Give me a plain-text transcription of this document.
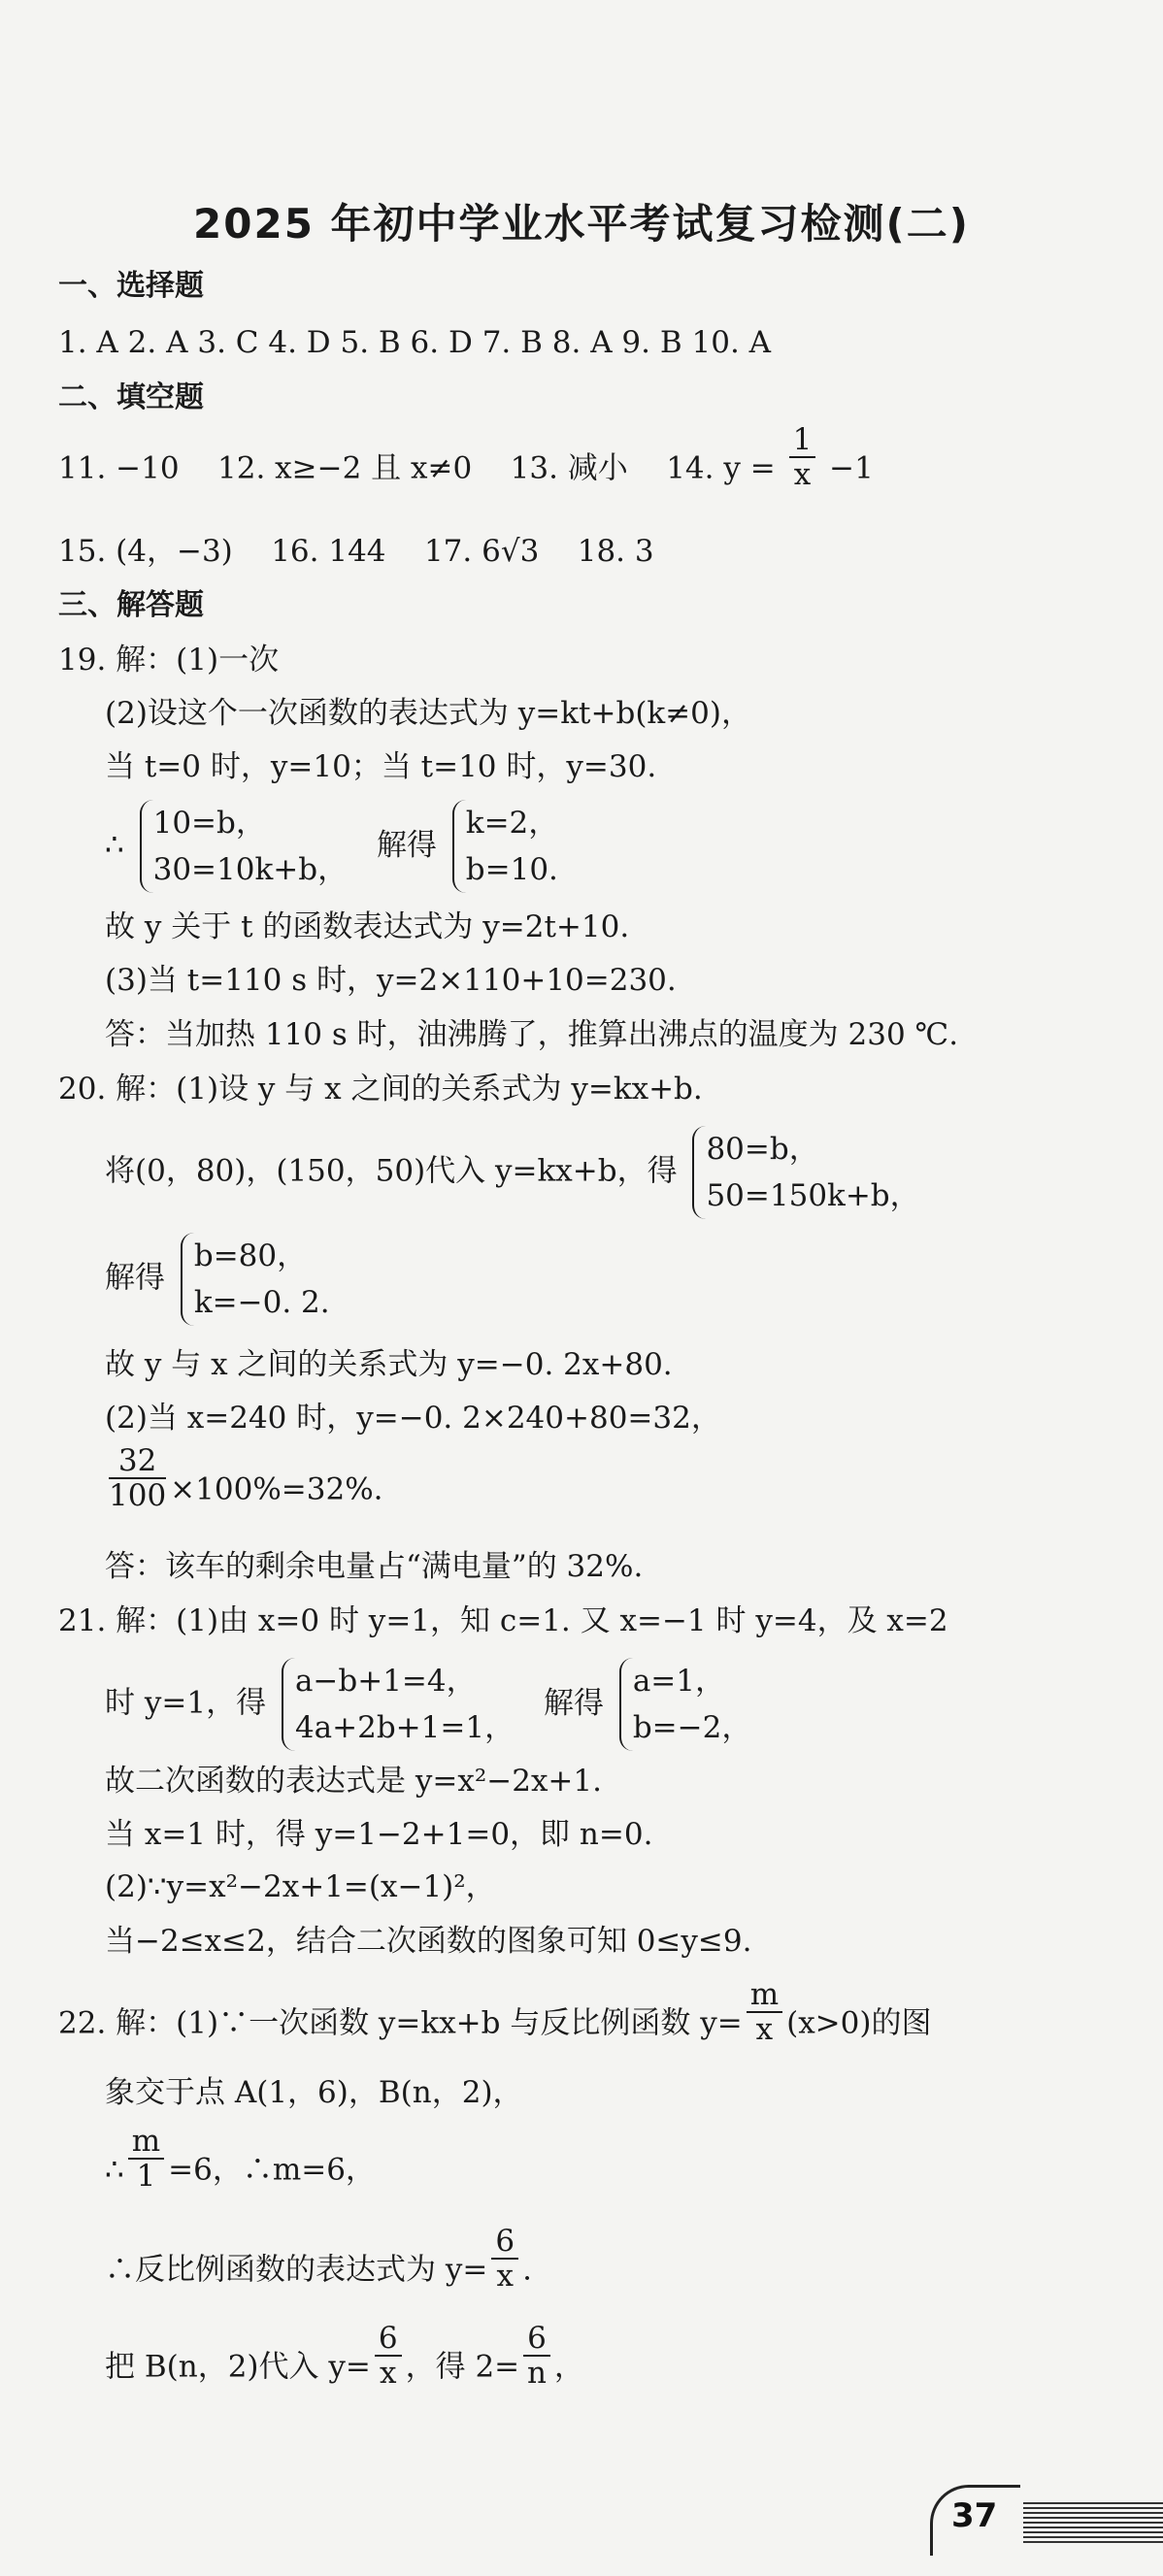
2025 年初中学业水平考试复习检测(二)
一、选择题
1. A 2. A 3. C 4. D 5. B 6. D 7. B 8. A 9. B 10. A
二、填空题
11. −10 12. x≥−2 且 x≠0 13. 减小 14. $y = \frac{1}{x} -1$
15. (4，−3) 16. 144 17. 6√3 18. 3
三、解答题
19. 解：(1)一次
(2)设这个一次函数的表达式为 y=kt+b(k≠0)，
当 t=0 时，y=10；当 t=10 时，y=30.
∴
10=b，
30=10k+b，
解得
k=2，
b=10.
故 y 关于 t 的函数表达式为 y=2t+10.
(3)当 t=110 s 时，y=2×110+10=230.
答：当加热 110 s 时，油沸腾了，推算出沸点的温度为 230 ℃.
20. 解：(1)设 y 与 x 之间的关系式为 y=kx+b.
将(0，80)，(150，50)代入 y=kx+b，得
80=b，
50=150k+b，
解得
b=80，
k=−0. 2.
故 y 与 x 之间的关系式为 y=−0. 2x+80.
(2)当 x=240 时，y=−0. 2×240+80=32，
$\frac{32}{100} \times 100\%=32\%$.
答：该车的剩余电量占“满电量”的 32%.
21. 解：(1)由 x=0 时 y=1，知 c=1. 又 x=−1 时 y=4，及 x=2
时 y=1，得
a−b+1=4，
4a+2b+1=1，
解得
a=1，
b=−2，
故二次函数的表达式是 y=x²−2x+1.
当 x=1 时，得 y=1−2+1=0，即 n=0.
(2)∵y=x²−2x+1=(x−1)²，
当−2≤x≤2，结合二次函数的图象可知 0≤y≤9.
22. 解：(1)∵一次函数 y=kx+b 与反比例函数 $y= \frac{m}{x} (x>0)$的图
象交于点 A(1，6)，B(n，2)，
∴ $\frac{m}{1} =6$，∴m=6，
∴反比例函数的表达式为 $y= \frac{6}{x}$ .
把 B(n，2)代入 $y= \frac{6}{x}$ ，得 $2= \frac{6}{n}$ ，
37
